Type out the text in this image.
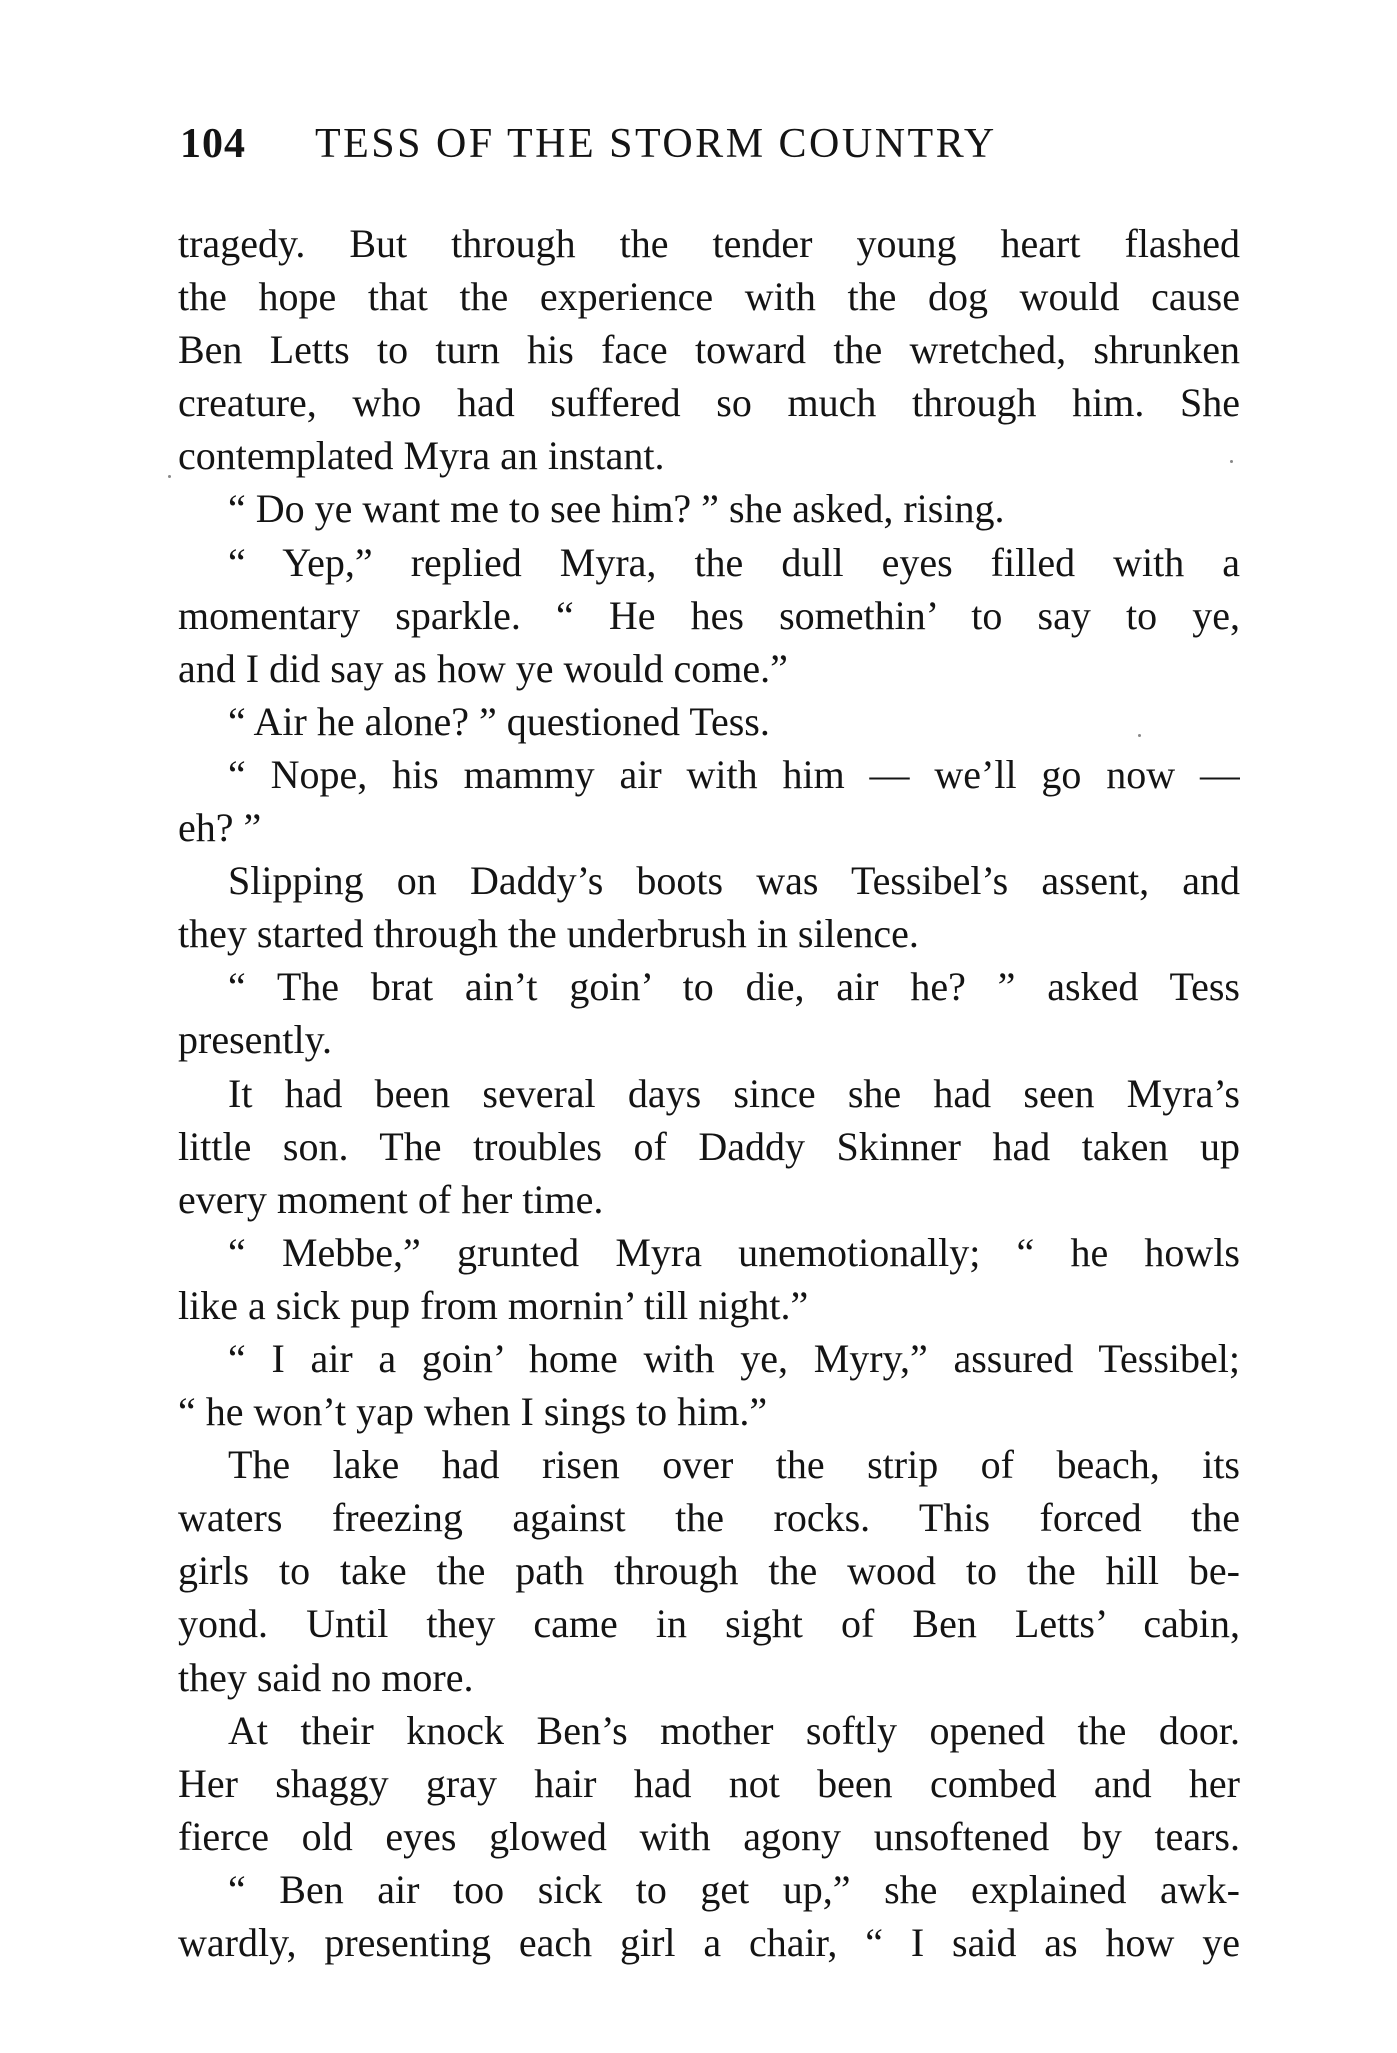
104 TESS OF THE STORM COUNTRY
tragedy. But through the tender young heart flashed
the hope that the experience with the dog would cause
Ben Letts to turn his face toward the wretched, shrunken
creature, who had suffered so much through him. She
contemplated Myra an instant.
“ Do ye want me to see him? ” she asked, rising.
“ Yep,” replied Myra, the dull eyes filled with a
momentary sparkle. “ He hes somethin’ to say to ye,
and I did say as how ye would come.”
“ Air he alone? ” questioned Tess.
“ Nope, his mammy air with him — we’ll go now —
eh? ”
Slipping on Daddy’s boots was Tessibel’s assent, and
they started through the underbrush in silence.
“ The brat ain’t goin’ to die, air he? ” asked Tess
presently.
It had been several days since she had seen Myra’s
little son. The troubles of Daddy Skinner had taken up
every moment of her time.
“ Mebbe,” grunted Myra unemotionally; “ he howls
like a sick pup from mornin’ till night.”
“ I air a goin’ home with ye, Myry,” assured Tessibel;
“ he won’t yap when I sings to him.”
The lake had risen over the strip of beach, its
waters freezing against the rocks. This forced the
girls to take the path through the wood to the hill be-
yond. Until they came in sight of Ben Letts’ cabin,
they said no more.
At their knock Ben’s mother softly opened the door.
Her shaggy gray hair had not been combed and her
fierce old eyes glowed with agony unsoftened by tears.
“ Ben air too sick to get up,” she explained awk-
wardly, presenting each girl a chair, “ I said as how ye
